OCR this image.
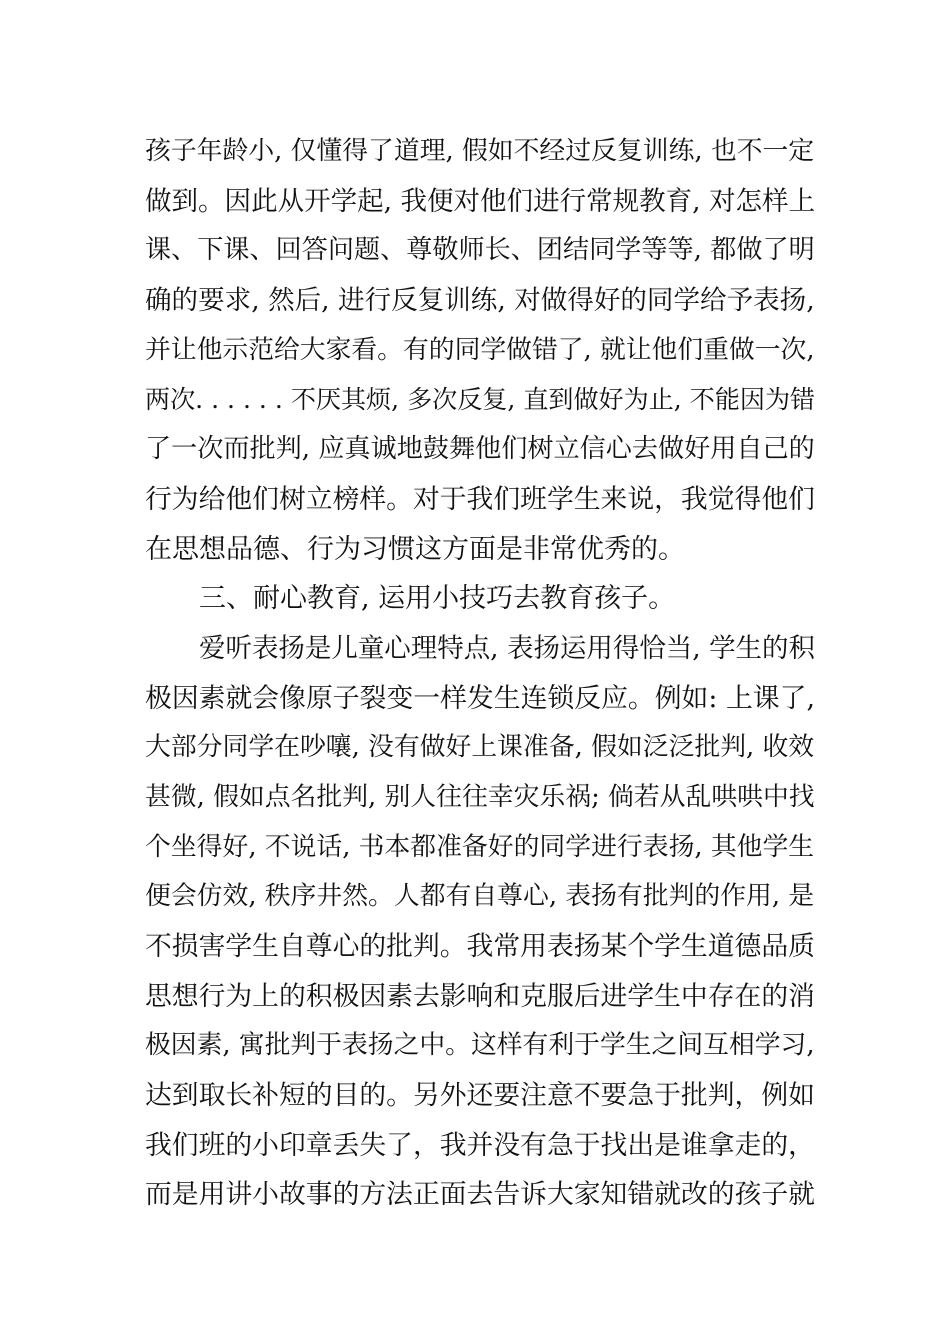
孩子年龄小, 仅懂得了道理, 假如不经过反复训练, 也不一定
做到。因此从开学起, 我便对他们进行常规教育, 对怎样上
课、下课、回答问题、尊敬师长、团结同学等等, 都做了明
确的要求, 然后, 进行反复训练, 对做得好的同学给予表扬,
并让他示范给大家看。有的同学做错了, 就让他们重做一次,
两次. . . . . . 不厌其烦, 多次反复, 直到做好为止, 不能因为错
了一次而批判, 应真诚地鼓舞他们树立信心去做好用自己的
行为给他们树立榜样。对于我们班学生来说，我觉得他们
在思想品德、行为习惯这方面是非常优秀的。
三、耐心教育, 运用小技巧去教育孩子。
爱听表扬是儿童心理特点, 表扬运用得恰当, 学生的积
极因素就会像原子裂变一样发生连锁反应。例如: 上课了,
大部分同学在吵嚷, 没有做好上课准备, 假如泛泛批判, 收效
甚微, 假如点名批判, 别人往往幸灾乐祸; 倘若从乱哄哄中找
个坐得好, 不说话, 书本都准备好的同学进行表扬, 其他学生
便会仿效, 秩序井然。人都有自尊心, 表扬有批判的作用, 是
不损害学生自尊心的批判。我常用表扬某个学生道德品质
思想行为上的积极因素去影响和克服后进学生中存在的消
极因素, 寓批判于表扬之中。这样有利于学生之间互相学习,
达到取长补短的目的。另外还要注意不要急于批判，例如
我们班的小印章丢失了，我并没有急于找出是谁拿走的，
而是用讲小故事的方法正面去告诉大家知错就改的孩子就
